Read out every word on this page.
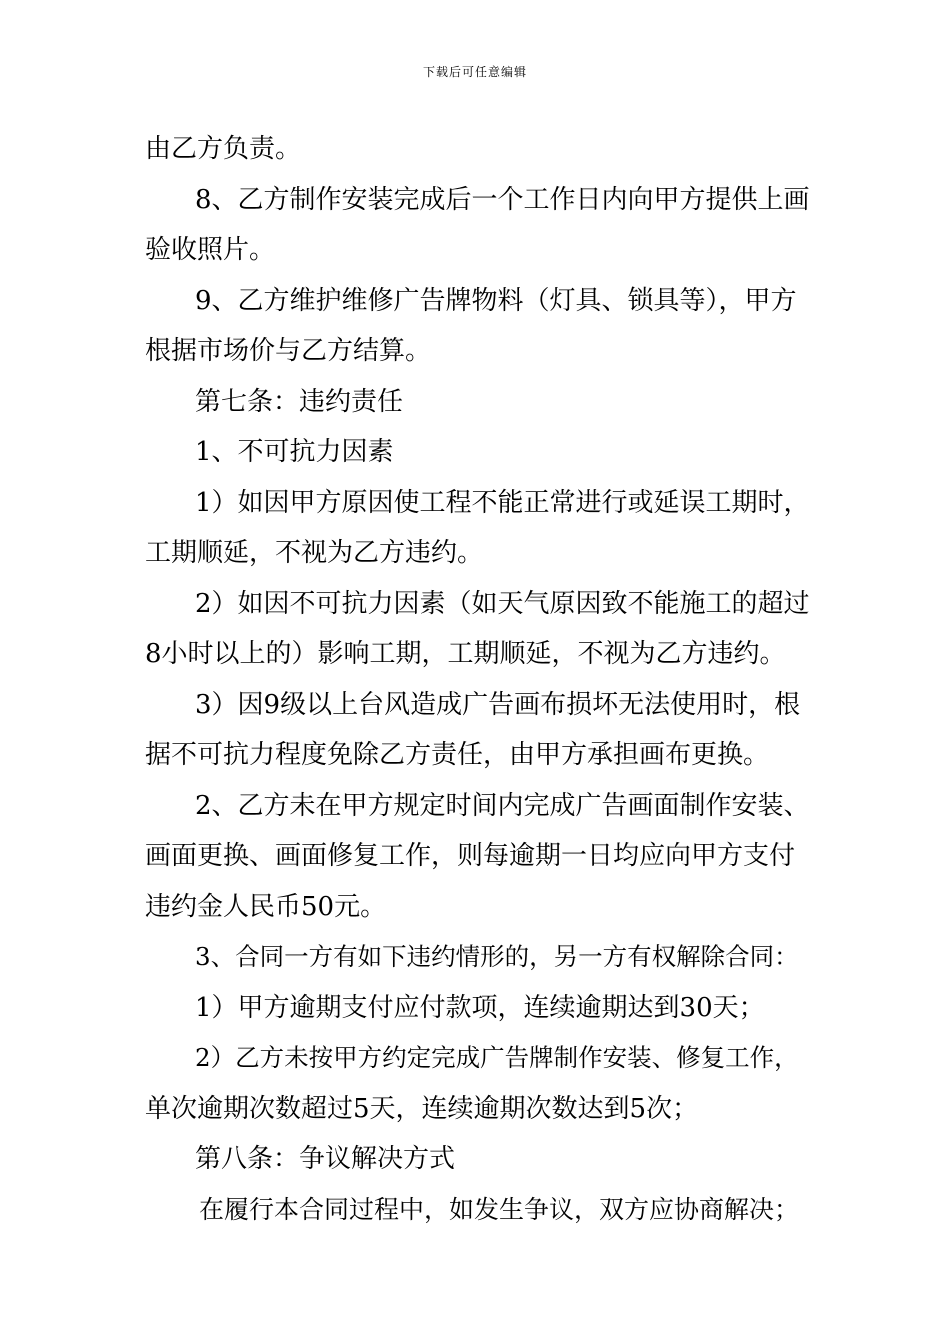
下载后可任意编辑
由乙方负责。
8、乙方制作安装完成后一个工作日内向甲方提供上画
验收照片。
9、乙方维护维修广告牌物料（灯具、锁具等），甲方
根据市场价与乙方结算。
第七条：违约责任
1、不可抗力因素
1）如因甲方原因使工程不能正常进行或延误工期时，
工期顺延，不视为乙方违约。
2）如因不可抗力因素（如天气原因致不能施工的超过
8小时以上的）影响工期，工期顺延，不视为乙方违约。
3）因9级以上台风造成广告画布损坏无法使用时，根
据不可抗力程度免除乙方责任，由甲方承担画布更换。
2、乙方未在甲方规定时间内完成广告画面制作安装、
画面更换、画面修复工作，则每逾期一日均应向甲方支付
违约金人民币50元。
3、合同一方有如下违约情形的，另一方有权解除合同：
1）甲方逾期支付应付款项，连续逾期达到30天；
2）乙方未按甲方约定完成广告牌制作安装、修复工作，
单次逾期次数超过5天，连续逾期次数达到5次；
第八条：争议解决方式
在履行本合同过程中，如发生争议，双方应协商解决；
